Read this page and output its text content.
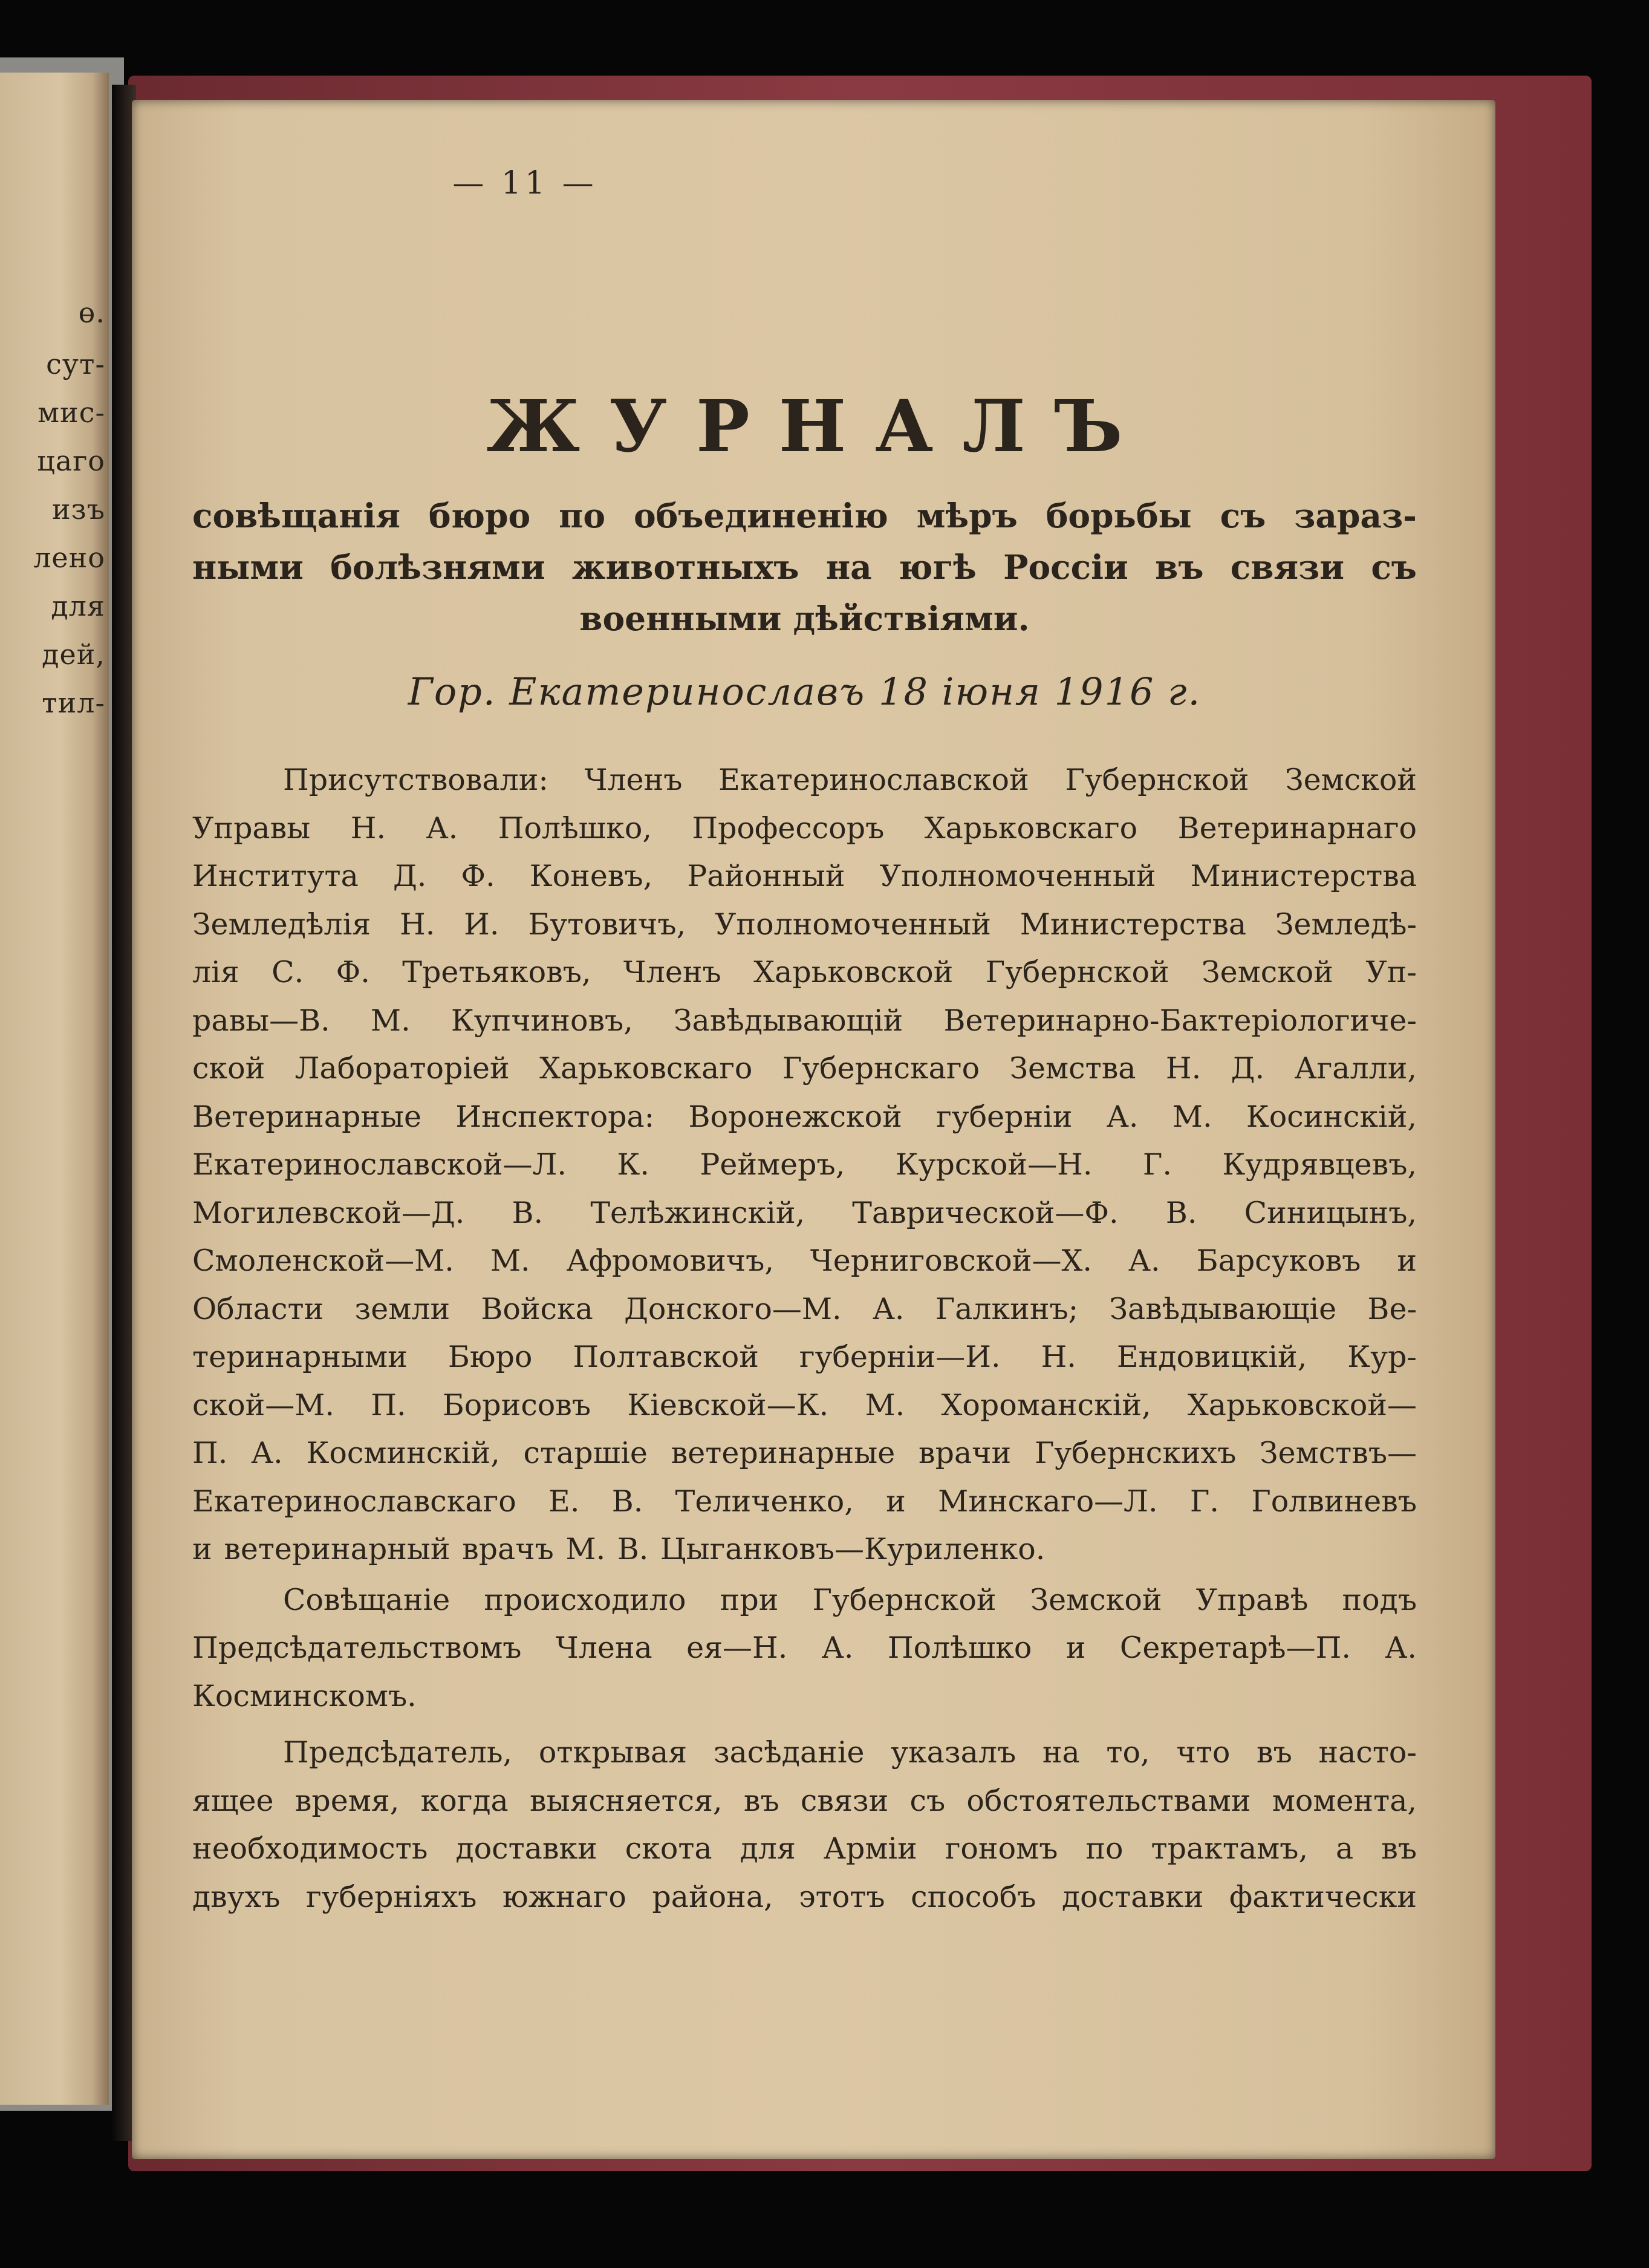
ө.
сут-
мис-
цаго
изъ
лено
для
дей,
тил-
— 11 —
ЖУРНАЛЪ
совѣщанія бюро по объединенію мѣръ борьбы съ зараз-
ными болѣзнями животныхъ на югѣ Россіи въ связи съ
военными дѣйствіями.
Гор. Екатеринославъ 18 іюня 1916 г.
Присутствовали: Членъ Екатеринославской Губернской Земской
Управы Н. А. Полѣшко, Профессоръ Харьковскаго Ветеринарнаго
Института Д. Ф. Коневъ, Районный Уполномоченный Министерства
Земледѣлія Н. И. Бутовичъ, Уполномоченный Министерства Земледѣ-
лія С. Ф. Третьяковъ, Членъ Харьковской Губернской Земской Уп-
равы—В. М. Купчиновъ, Завѣдывающій Ветеринарно-Бактеріологиче-
ской Лабораторіей Харьковскаго Губернскаго Земства Н. Д. Агалли,
Ветеринарные Инспектора: Воронежской губерніи А. М. Косинскій,
Екатеринославской—Л. К. Реймеръ, Курской—Н. Г. Кудрявцевъ,
Могилевской—Д. В. Телѣжинскій, Таврической—Ф. В. Синицынъ,
Смоленской—М. М. Афромовичъ, Черниговской—Х. А. Барсуковъ и
Области земли Войска Донского—М. А. Галкинъ; Завѣдывающіе Ве-
теринарными Бюро Полтавской губерніи—И. Н. Ендовицкій, Кур-
ской—М. П. Борисовъ Кіевской—К. М. Хороманскій, Харьковской—
П. А. Косминскій, старшіе ветеринарные врачи Губернскихъ Земствъ—
Екатеринославскаго Е. В. Теличенко, и Минскаго—Л. Г. Голвиневъ
и ветеринарный врачъ М. В. Цыганковъ—Куриленко.
Совѣщаніе происходило при Губернской Земской Управѣ подъ
Предсѣдательствомъ Члена ея—Н. А. Полѣшко и Секретарѣ—П. А.
Косминскомъ.
Предсѣдатель, открывая засѣданіе указалъ на то, что въ насто-
ящее время, когда выясняется, въ связи съ обстоятельствами момента,
необходимость доставки скота для Арміи гономъ по трактамъ, а въ
двухъ губерніяхъ южнаго района, этотъ способъ доставки фактически
